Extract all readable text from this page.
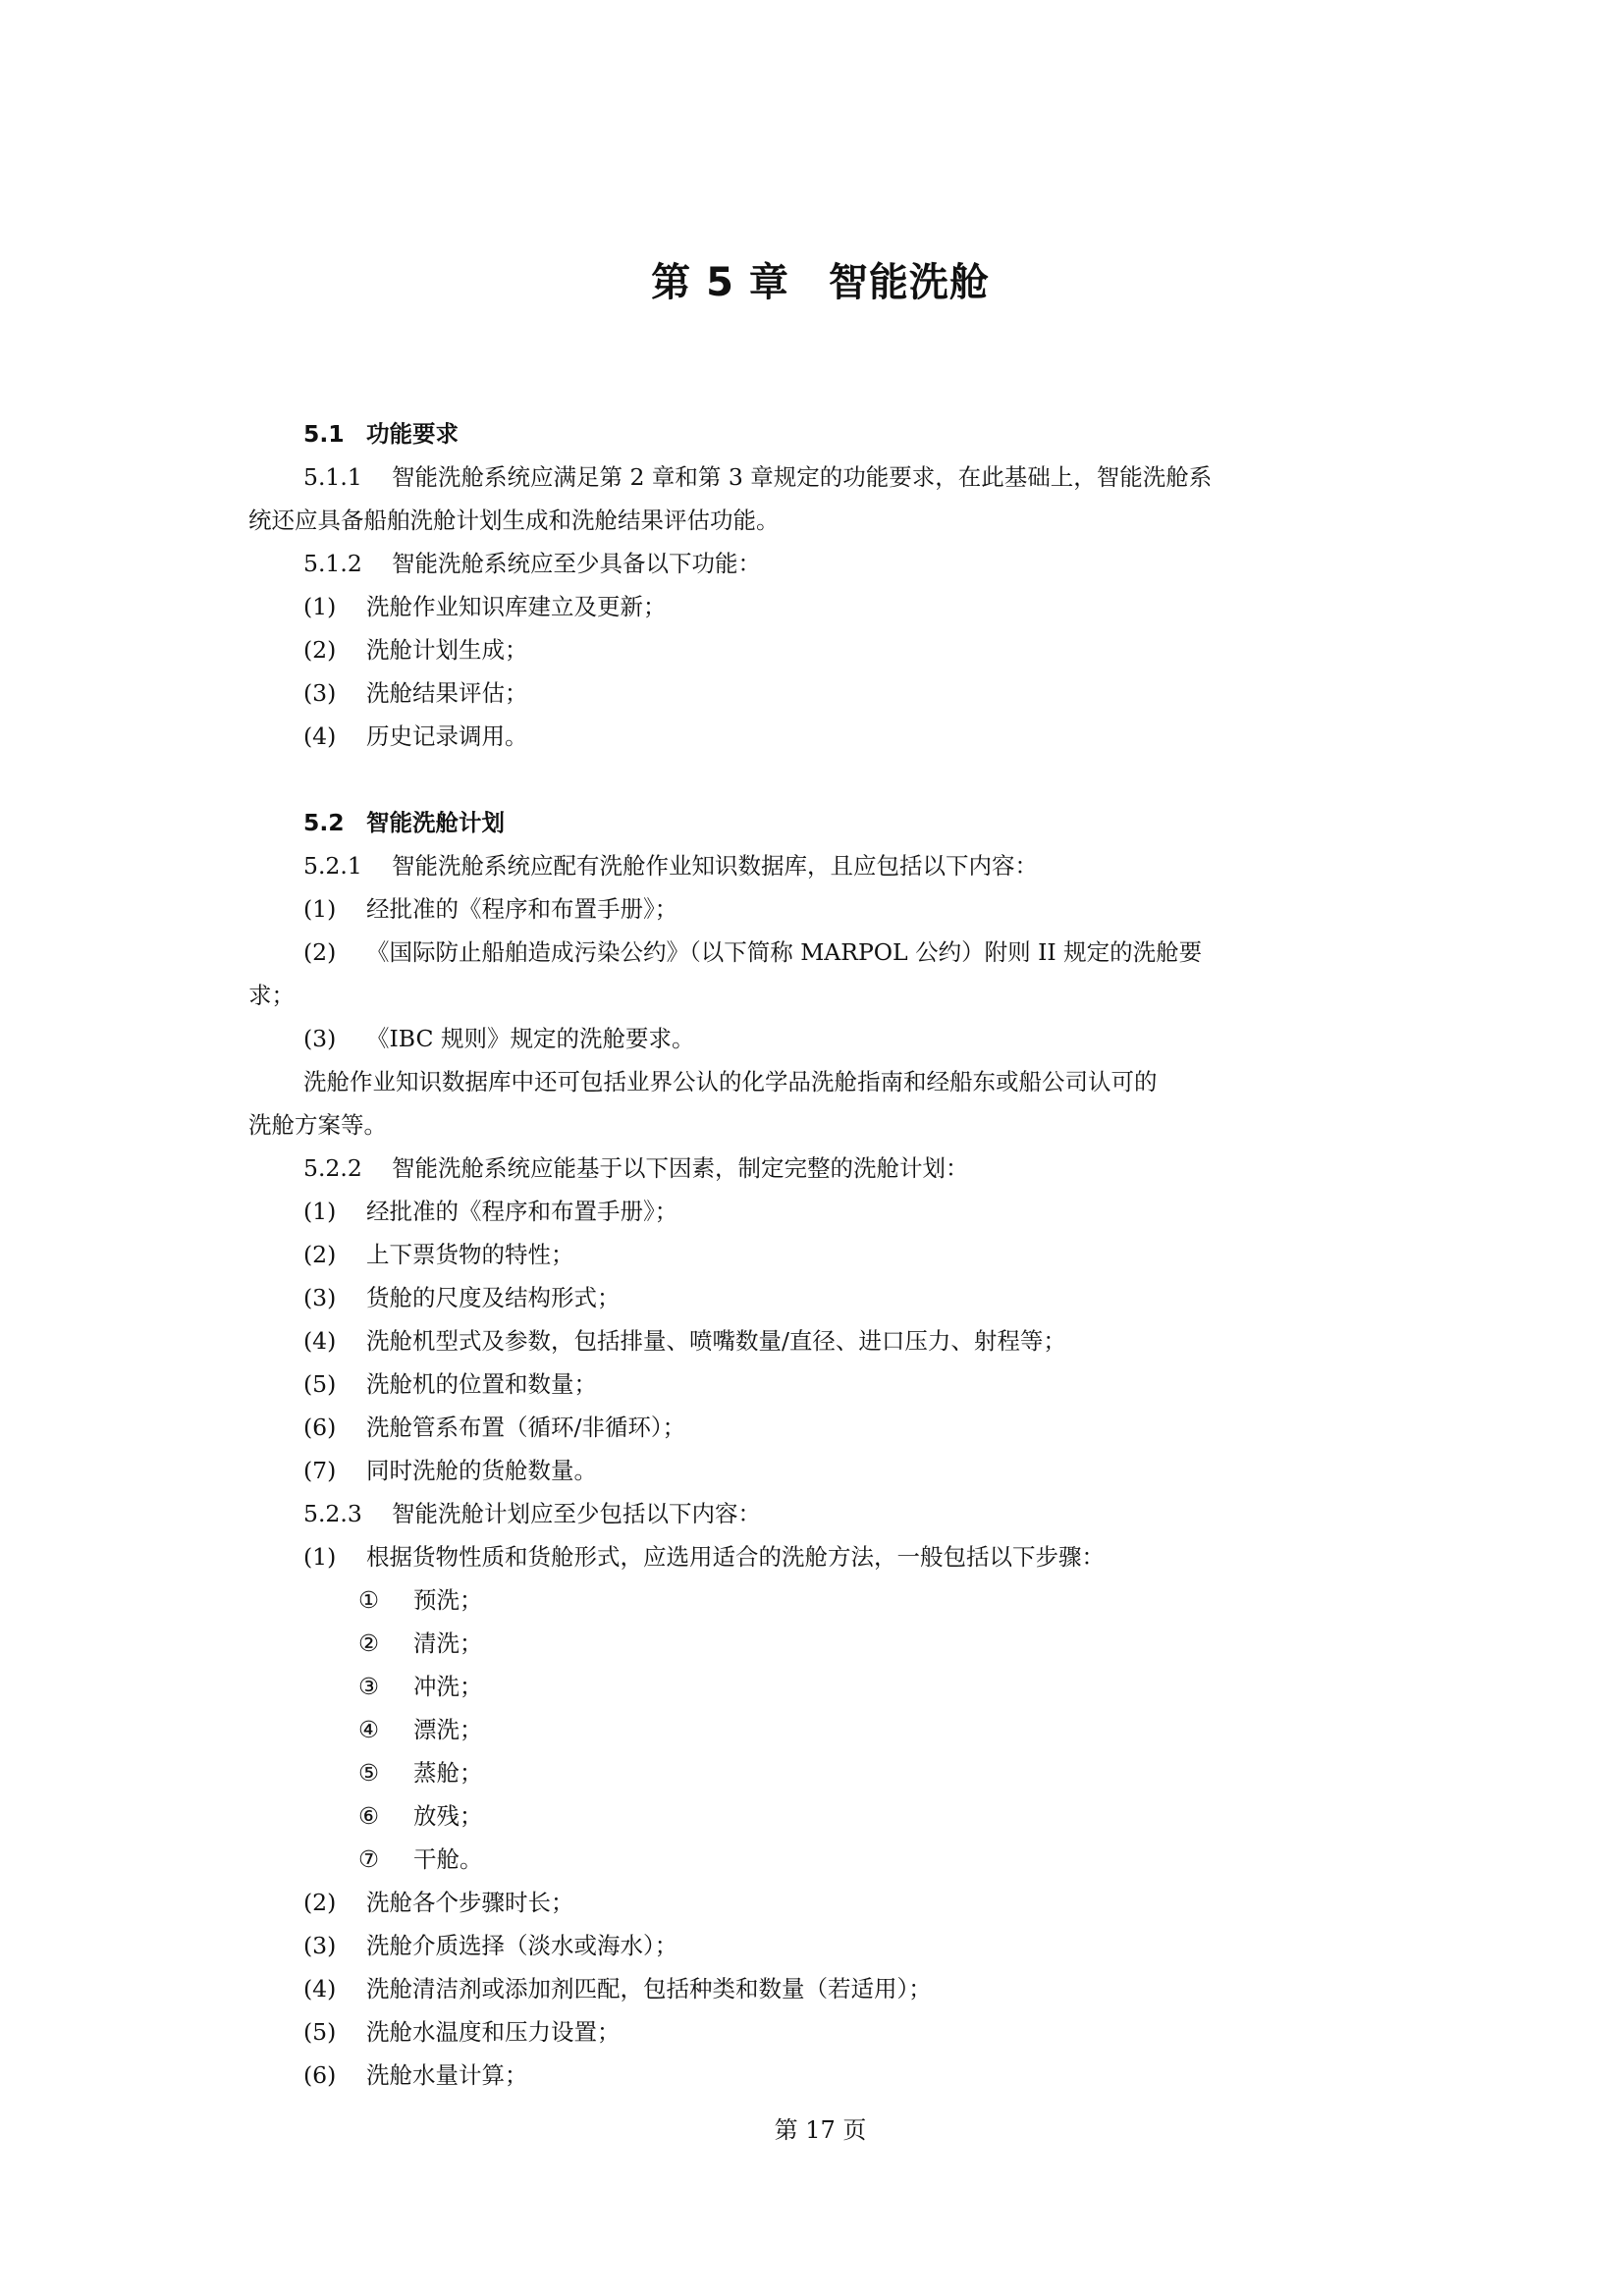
第 5 章 智能洗舱
5.1 功能要求
5.1.1 智能洗舱系统应满足第 2 章和第 3 章规定的功能要求，在此基础上，智能洗舱系
统还应具备船舶洗舱计划生成和洗舱结果评估功能。
5.1.2 智能洗舱系统应至少具备以下功能：
(1) 洗舱作业知识库建立及更新；
(2) 洗舱计划生成；
(3) 洗舱结果评估；
(4) 历史记录调用。
5.2 智能洗舱计划
5.2.1 智能洗舱系统应配有洗舱作业知识数据库，且应包括以下内容：
(1) 经批准的《程序和布置手册》；
(2) 《国际防止船舶造成污染公约》（以下简称 MARPOL 公约）附则 II 规定的洗舱要
求；
(3) 《IBC 规则》规定的洗舱要求。
洗舱作业知识数据库中还可包括业界公认的化学品洗舱指南和经船东或船公司认可的
洗舱方案等。
5.2.2 智能洗舱系统应能基于以下因素，制定完整的洗舱计划：
(1) 经批准的《程序和布置手册》；
(2) 上下票货物的特性；
(3) 货舱的尺度及结构形式；
(4) 洗舱机型式及参数，包括排量、喷嘴数量/直径、进口压力、射程等；
(5) 洗舱机的位置和数量；
(6) 洗舱管系布置（循环/非循环）；
(7) 同时洗舱的货舱数量。
5.2.3 智能洗舱计划应至少包括以下内容：
(1) 根据货物性质和货舱形式，应选用适合的洗舱方法，一般包括以下步骤：
① 预洗；
② 清洗；
③ 冲洗；
④ 漂洗；
⑤ 蒸舱；
⑥ 放残；
⑦ 干舱。
(2) 洗舱各个步骤时长；
(3) 洗舱介质选择（淡水或海水）；
(4) 洗舱清洁剂或添加剂匹配，包括种类和数量（若适用）；
(5) 洗舱水温度和压力设置；
(6) 洗舱水量计算；
第 17 页
